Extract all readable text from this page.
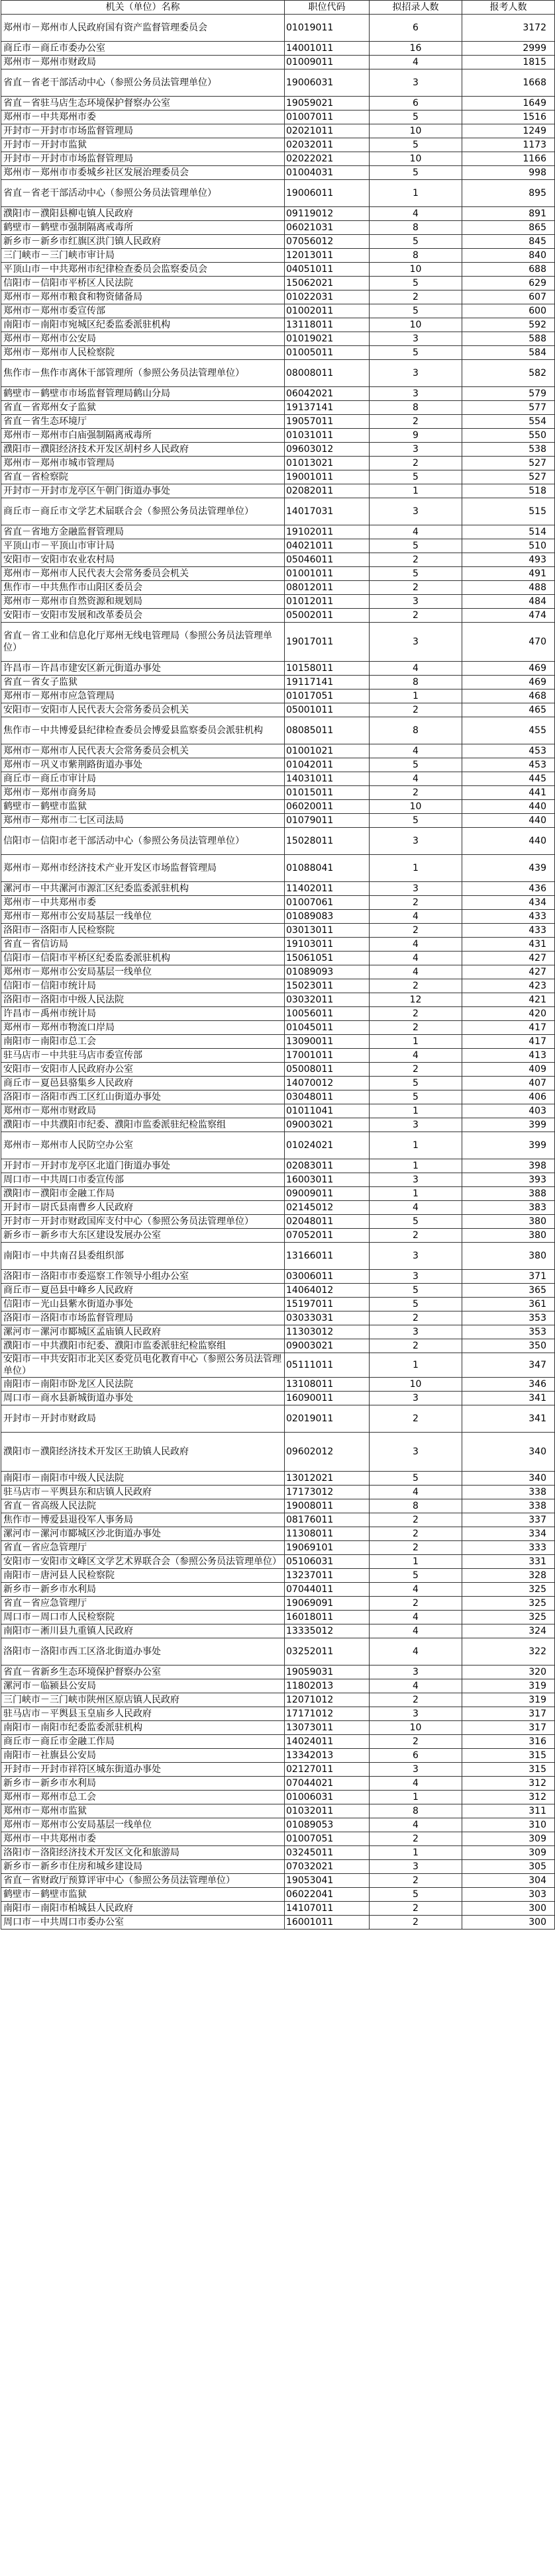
机关（单位）名称	职位代码	拟招录人数	报考人数
郑州市－郑州市人民政府国有资产监督管理委员会	01019011	6	3172
商丘市－商丘市委办公室	14001011	16	2999
郑州市－郑州市财政局	01009011	4	1815
省直－省老干部活动中心（参照公务员法管理单位）	19006031	3	1668
省直－省驻马店生态环境保护督察办公室	19059021	6	1649
郑州市－中共郑州市委	01007011	5	1516
开封市－开封市市场监督管理局	02021011	10	1249
开封市－开封市监狱	02032011	5	1173
开封市－开封市市场监督管理局	02022021	10	1166
郑州市－郑州市市委城乡社区发展治理委员会	01004031	5	998
省直－省老干部活动中心（参照公务员法管理单位）	19006011	1	895
濮阳市－濮阳县柳屯镇人民政府	09119012	4	891
鹤壁市－鹤壁市强制隔离戒毒所	06021031	8	865
新乡市－新乡市红旗区洪门镇人民政府	07056012	5	845
三门峡市－三门峡市审计局	12013011	8	840
平顶山市－中共郑州市纪律检查委员会监察委员会	04051011	10	688
信阳市－信阳市平桥区人民法院	15062021	5	629
郑州市－郑州市粮食和物资储备局	01022031	2	607
郑州市－郑州市委宣传部	01002011	5	600
南阳市－南阳市宛城区纪委监委派驻机构	13118011	10	592
郑州市－郑州市公安局	01019021	3	588
郑州市－郑州市人民检察院	01005011	5	584
焦作市－焦作市离休干部管理所（参照公务员法管理单位）	08008011	3	582
鹤壁市－鹤壁市市场监督管理局鹤山分局	06042021	3	579
省直－省郑州女子监狱	19137141	8	577
省直－省生态环境厅	19057011	2	554
郑州市－郑州市白庙强制隔离戒毒所	01031011	9	550
濮阳市－濮阳经济技术开发区胡村乡人民政府	09603012	3	538
郑州市－郑州市城市管理局	01013021	2	527
省直－省检察院	19001011	5	527
开封市－开封市龙亭区午朝门街道办事处	02082011	1	518
商丘市－商丘市文学艺术届联合会（参照公务员法管理单位）	14017031	3	515
省直－省地方金融监督管理局	19102011	4	514
平顶山市－平顶山市审计局	04021011	5	510
安阳市－安阳市农业农村局	05046011	2	493
郑州市－郑州市人民代表大会常务委员会机关	01001011	5	491
焦作市－中共焦作市山阳区委员会	08012011	2	488
郑州市－郑州市自然资源和规划局	01012011	3	484
安阳市－安阳市发展和改革委员会	05002011	2	474
省直－省工业和信息化厅郑州无线电管理局（参照公务员法管理单位）	19017011	3	470
许昌市－许昌市建安区新元街道办事处	10158011	4	469
省直－省女子监狱	19117141	8	469
郑州市－郑州市应急管理局	01017051	1	468
安阳市－安阳市人民代表大会常务委员会机关	05001011	2	465
焦作市－中共博爱县纪律检查委员会博爱县监察委员会派驻机构	08085011	8	455
郑州市－郑州市人民代表大会常务委员会机关	01001021	4	453
郑州市－巩义市紫荆路街道办事处	01042011	5	453
商丘市－商丘市审计局	14031011	4	445
郑州市－郑州市商务局	01015011	2	441
鹤壁市－鹤壁市监狱	06020011	10	440
郑州市－郑州市二七区司法局	01079011	5	440
信阳市－信阳市老干部活动中心（参照公务员法管理单位）	15028011	3	440
郑州市－郑州市经济技术产业开发区市场监督管理局	01088041	1	439
漯河市－中共漯河市源汇区纪委监委派驻机构	11402011	3	436
郑州市－中共郑州市委	01007061	2	434
郑州市－郑州市公安局基层一线单位	01089083	4	433
洛阳市－洛阳市人民检察院	03013011	2	433
省直－省信访局	19103011	4	431
信阳市－信阳市平桥区纪委监委派驻机构	15061051	4	427
郑州市－郑州市公安局基层一线单位	01089093	4	427
信阳市－信阳市统计局	15023011	2	423
洛阳市－洛阳市中级人民法院	03032011	12	421
许昌市－禹州市统计局	10056011	2	420
郑州市－郑州市物流口岸局	01045011	2	417
南阳市－南阳市总工会	13090011	1	417
驻马店市－中共驻马店市委宣传部	17001011	4	413
安阳市－安阳市人民政府办公室	05008011	2	409
商丘市－夏邑县骆集乡人民政府	14070012	5	407
洛阳市－洛阳市西工区红山街道办事处	03048011	5	406
郑州市－郑州市财政局	01011041	1	403
濮阳市－中共濮阳市纪委、濮阳市监委派驻纪检监察组	09003021	3	399
郑州市－郑州市人民防空办公室	01024021	1	399
开封市－开封市龙亭区北道门街道办事处	02083011	1	398
周口市－中共周口市委宣传部	16003011	3	393
濮阳市－濮阳市金融工作局	09009011	1	388
开封市－尉氏县南曹乡人民政府	02145012	4	383
开封市－开封市财政国库支付中心（参照公务员法管理单位）	02048011	5	380
新乡市－新乡市大东区建设发展办公室	07052011	2	380
南阳市－中共南召县委组织部	13166011	3	380
洛阳市－洛阳市市委巡察工作领导小组办公室	03006011	3	371
商丘市－夏邑县中峰乡人民政府	14064012	5	365
信阳市－光山县紫水街道办事处	15197011	5	361
洛阳市－洛阳市市场监督管理局	03033031	2	353
漯河市－漯河市郾城区孟庙镇人民政府	11303012	3	353
濮阳市－中共濮阳市纪委、濮阳市监委派驻纪检监察组	09003021	2	350
安阳市－中共安阳市北关区委党员电化教育中心（参照公务员法管理单位）	05111011	1	347
南阳市－南阳市卧龙区人民法院	13108011	10	346
周口市－商水县新城街道办事处	16090011	3	341
开封市－开封市财政局	02019011	2	341
濮阳市－濮阳经济技术开发区王助镇人民政府	09602012	3	340
南阳市－南阳市中级人民法院	13012021	5	340
驻马店市－平舆县东和店镇人民政府	17173012	4	338
省直－省高级人民法院	19008011	8	338
焦作市－博爱县退役军人事务局	08176011	2	337
漯河市－漯河市郾城区沙北街道办事处	11308011	2	334
省直－省应急管理厅	19069101	2	333
安阳市－安阳市文峰区文学艺术界联合会（参照公务员法管理单位）	05106031	1	331
南阳市－唐河县人民检察院	13237011	5	328
新乡市－新乡市水利局	07044011	4	325
省直－省应急管理厅	19069091	2	325
周口市－周口市人民检察院	16018011	4	325
南阳市－淅川县九重镇人民政府	13335012	4	324
洛阳市－洛阳市西工区洛北街道办事处	03252011	4	322
省直－省新乡生态环境保护督察办公室	19059031	3	320
漯河市－临颍县公安局	11802013	4	319
三门峡市－三门峡市陕州区原店镇人民政府	12071012	2	319
驻马店市－平舆县玉皇庙乡人民政府	17171012	3	317
南阳市－南阳市纪委监委派驻机构	13073011	10	317
商丘市－商丘市金融工作局	14024011	2	316
南阳市－社旗县公安局	13342013	6	315
开封市－开封市祥符区城东街道办事处	02127011	3	315
新乡市－新乡市水利局	07044021	4	312
郑州市－郑州市总工会	01006031	1	312
郑州市－郑州市监狱	01032011	8	311
郑州市－郑州市公安局基层一线单位	01089053	4	310
郑州市－中共郑州市委	01007051	2	309
洛阳市－洛阳经济技术开发区文化和旅游局	03245011	1	309
新乡市－新乡市住房和城乡建设局	07032021	3	305
省直－省财政厅预算评审中心（参照公务员法管理单位）	19053041	2	304
鹤壁市－鹤壁市监狱	06022041	5	303
南阳市－南阳市柏城县人民政府	14107011	2	300
周口市－中共周口市委办公室	16001011	2	300
